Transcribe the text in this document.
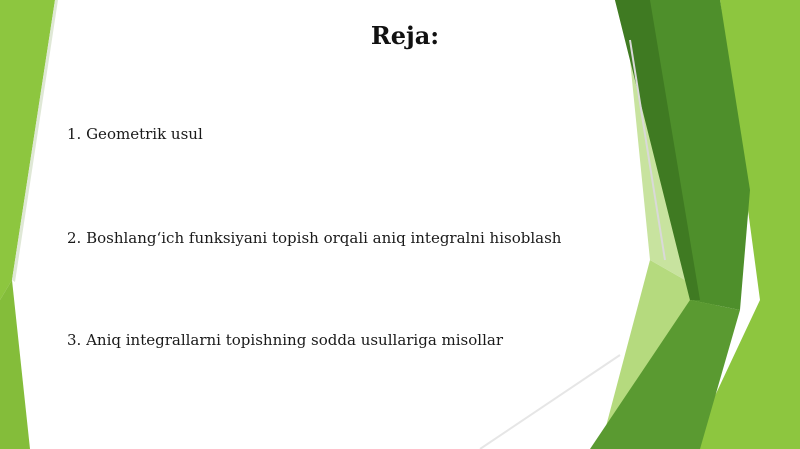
Reja:
1. Geometrik usul
2. Boshlang‘ich funksiyani topish orqali aniq integralni hisoblash
3. Aniq integrallarni topishning sodda usullariga misollar
